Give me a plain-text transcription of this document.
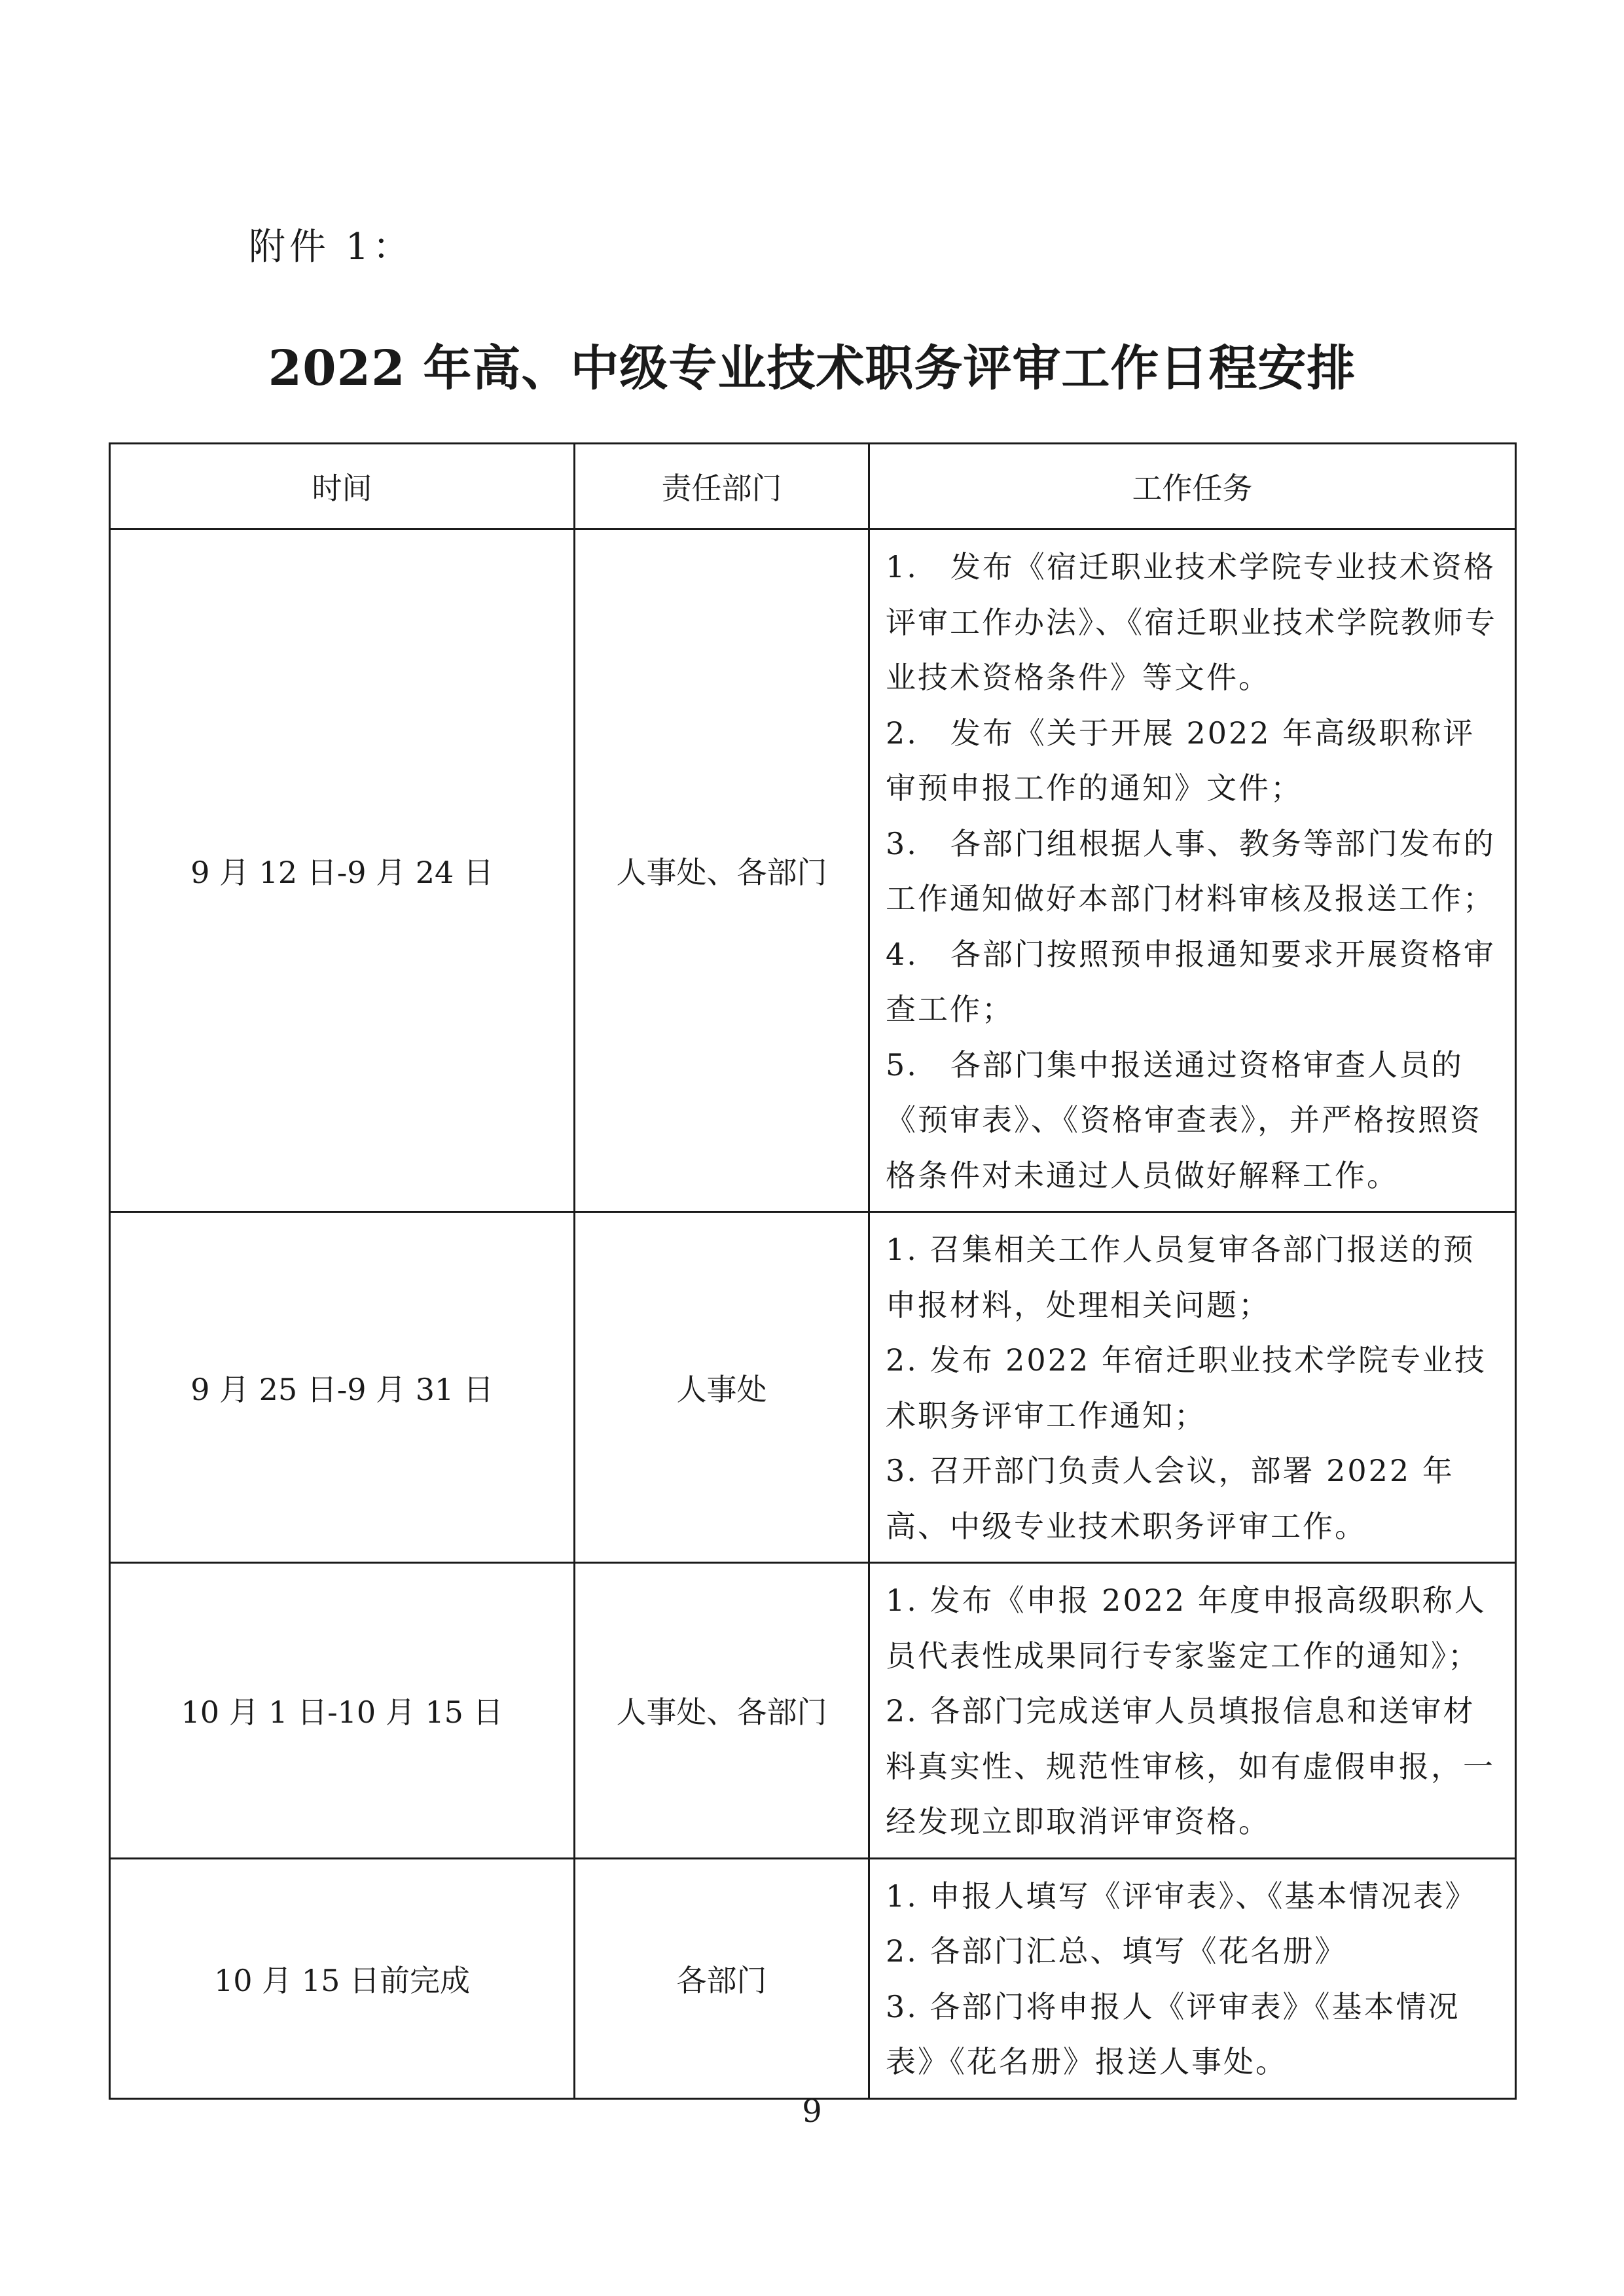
附件 1：
2022 年高、中级专业技术职务评审工作日程安排
时间	责任部门	工作任务
9 月 12 日-9 月 24 日	人事处、各部门	1.　发布《宿迁职业技术学院专业技术资格评审工作办法》、《宿迁职业技术学院教师专业技术资格条件》等文件。
2.　发布《关于开展 2022 年高级职称评审预申报工作的通知》文件；
3.　各部门组根据人事、教务等部门发布的工作通知做好本部门材料审核及报送工作；
4.　各部门按照预申报通知要求开展资格审查工作；
5.　各部门集中报送通过资格审查人员的《预审表》、《资格审查表》，并严格按照资格条件对未通过人员做好解释工作。

9 月 25 日-9 月 31 日	人事处	1. 召集相关工作人员复审各部门报送的预申报材料，处理相关问题；
2. 发布 2022 年宿迁职业技术学院专业技术职务评审工作通知；
3. 召开部门负责人会议，部署 2022 年高、中级专业技术职务评审工作。

10 月 1 日-10 月 15 日	人事处、各部门	1. 发布《申报 2022 年度申报高级职称人员代表性成果同行专家鉴定工作的通知》；
2. 各部门完成送审人员填报信息和送审材料真实性、规范性审核，如有虚假申报，一经发现立即取消评审资格。

10 月 15 日前完成	各部门	1. 申报人填写《评审表》、《基本情况表》
2. 各部门汇总、填写《花名册》
3. 各部门将申报人《评审表》《基本情况表》《花名册》报送人事处。
9
